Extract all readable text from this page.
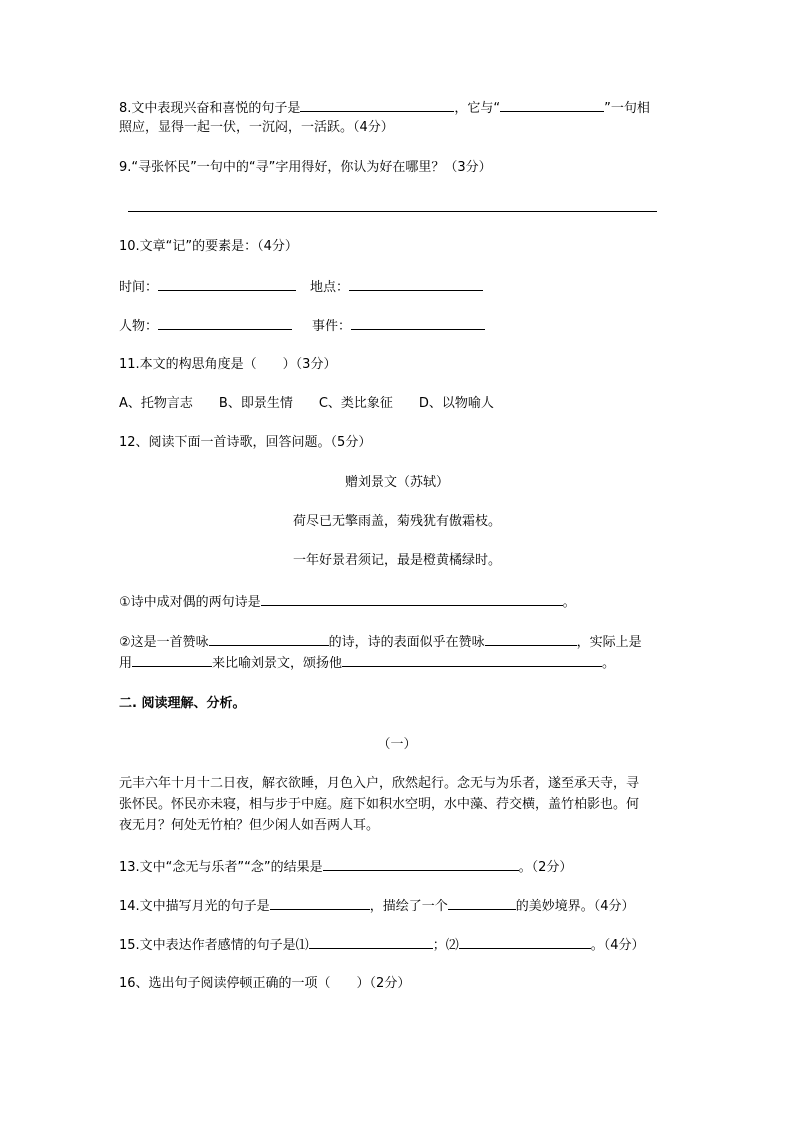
8.文中表现兴奋和喜悦的句子是	，它与“	”一句相
照应，显得一起一伏，一沉闷，一活跃。（4分）
9.“寻张怀民”一句中的“寻”字用得好，你认为好在哪里？（3分）
10.文章“记”的要素是：（4分）
时间：	地点：
人物：	事件：
11.本文的构思角度是（　　）（3分）
A、托物言志 B、即景生情 C、类比象征 D、以物喻人
12、阅读下面一首诗歌，回答问题。（5分）
赠刘景文（苏轼）
荷尽已无擎雨盖，菊残犹有傲霜枝。
一年好景君须记，最是橙黄橘绿时。
①诗中成对偶的两句诗是	。
②这是一首赞咏	的诗，诗的表面似乎在赞咏	，实际上是
用	来比喻刘景文，颂扬他	。
二. 阅读理解、分析。
（一）
元丰六年十月十二日夜，解衣欲睡，月色入户，欣然起行。念无与为乐者，遂至承天寺，寻
张怀民。怀民亦未寝，相与步于中庭。庭下如积水空明，水中藻、荇交横，盖竹柏影也。何
夜无月？何处无竹柏？但少闲人如吾两人耳。
13.文中“念无与乐者”“念”的结果是	。（2分）
14.文中描写月光的句子是	，描绘了一个	的美妙境界。（4分）
15.文中表达作者感情的句子是⑴	；⑵	。（4分）
16、选出句子阅读停顿正确的一项（　　）（2分）
